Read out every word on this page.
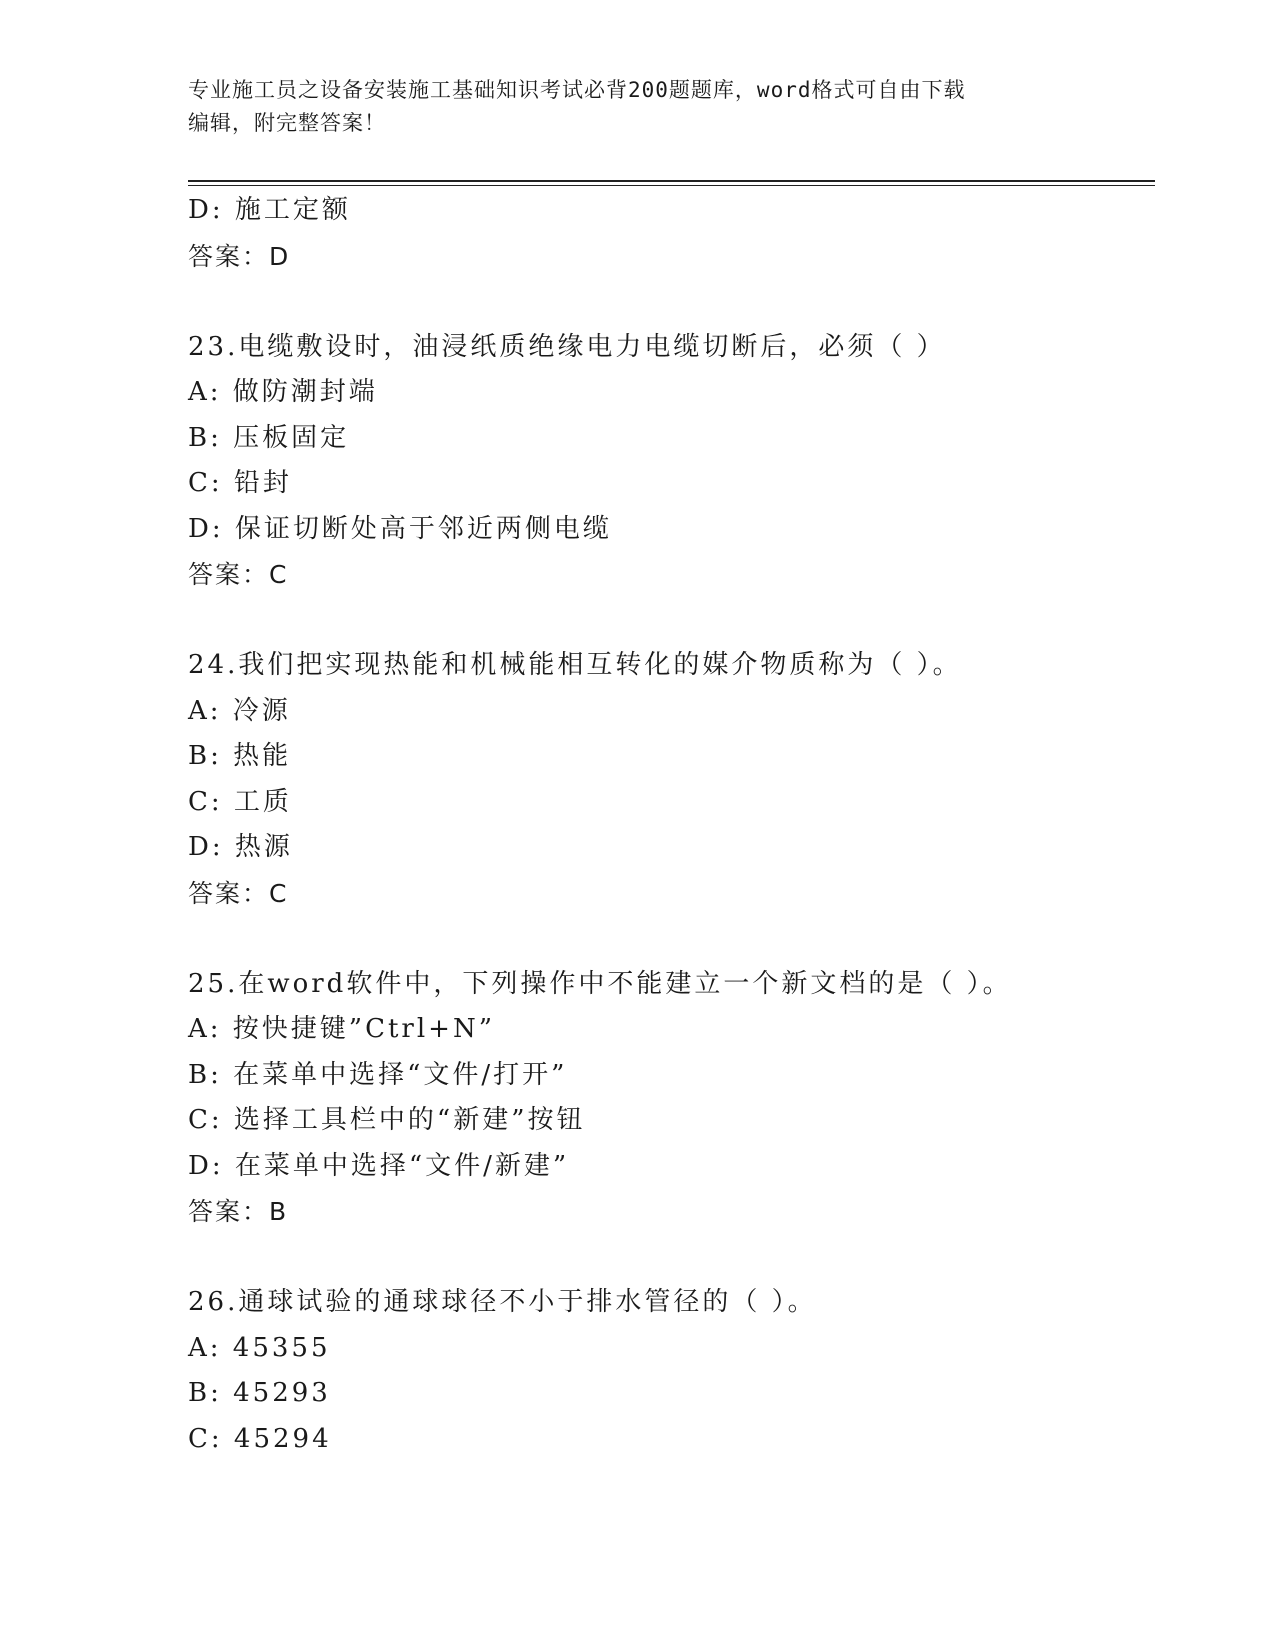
专业施工员之设备安装施工基础知识考试必背200题题库，word格式可自由下载
编辑，附完整答案！
D: 施工定额
答案：D
23.电缆敷设时，油浸纸质绝缘电力电缆切断后，必须（ ）
A: 做防潮封端
B: 压板固定
C: 铅封
D: 保证切断处高于邻近两侧电缆
答案：C
24.我们把实现热能和机械能相互转化的媒介物质称为（ ）。
A: 冷源
B: 热能
C: 工质
D: 热源
答案：C
25.在word软件中，下列操作中不能建立一个新文档的是（ ）。
A: 按快捷键”Ctrl+N”
B: 在菜单中选择“文件/打开”
C: 选择工具栏中的“新建”按钮
D: 在菜单中选择“文件/新建”
答案：B
26.通球试验的通球球径不小于排水管径的（ ）。
A: 45355
B: 45293
C: 45294
